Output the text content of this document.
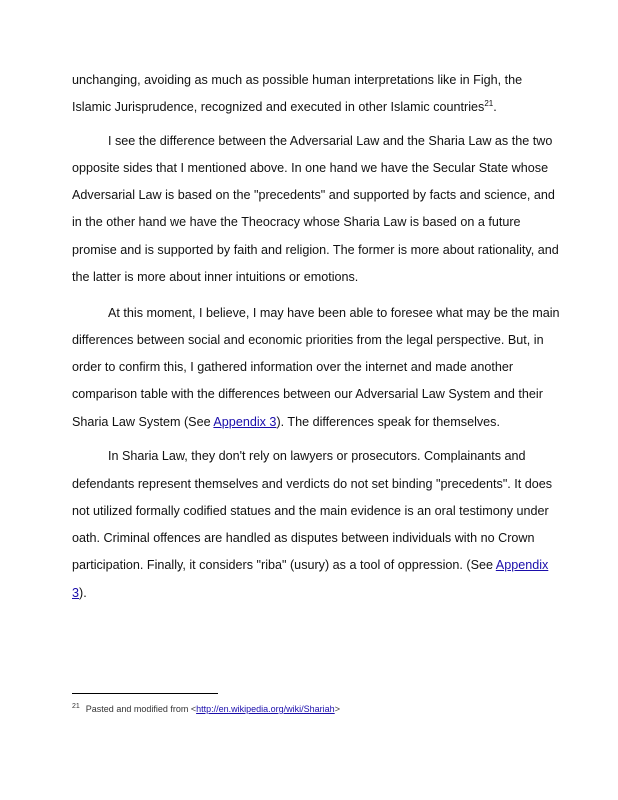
unchanging, avoiding as much as possible human interpretations like in Figh, the
Islamic Jurisprudence, recognized and executed in other Islamic countries$^{21}$.
I see the difference between the Adversarial Law and the Sharia Law as the two
opposite sides that I mentioned above. In one hand we have the Secular State whose
Adversarial Law is based on the "precedents" and supported by facts and science, and
in the other hand we have the Theocracy whose Sharia Law is based on a future
promise and is supported by faith and religion. The former is more about rationality, and
the latter is more about inner intuitions or emotions.
At this moment, I believe, I may have been able to foresee what may be the main
differences between social and economic priorities from the legal perspective. But, in
order to confirm this, I gathered information over the internet and made another
comparison table with the differences between our Adversarial Law System and their
Sharia Law System (See Appendix 3). The differences speak for themselves.
In Sharia Law, they don't rely on lawyers or prosecutors. Complainants and
defendants represent themselves and verdicts do not set binding "precedents". It does
not utilized formally codified statues and the main evidence is an oral testimony under
oath. Criminal offences are handled as disputes between individuals with no Crown
participation. Finally, it considers "riba" (usury) as a tool of oppression. (See Appendix
3).
$^{21}$ Pasted and modified from <http://en.wikipedia.org/wiki/Shariah>
